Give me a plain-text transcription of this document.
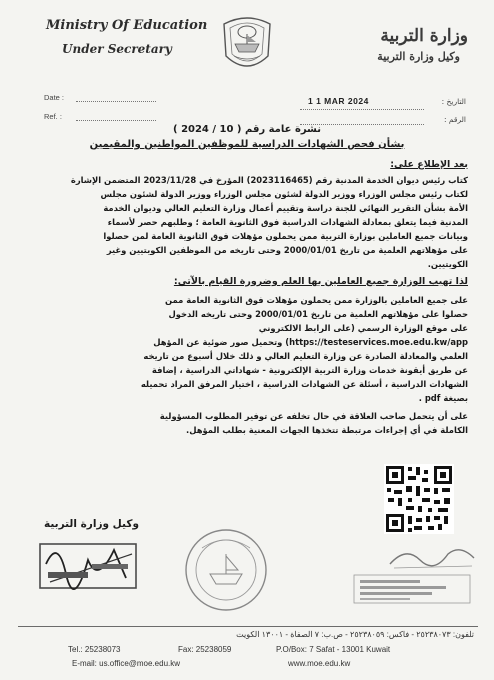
Ministry Of Education
Under Secretary
وزارة التربية
وكيل وزارة التربية
Date :
Ref. :
1 1 MAR 2024	التاريخ :
الرقم :
نشرة عامة رقم ( 10 / 2024 )
بشأن فحص الشهادات الدراسية للموظفين المواطنين والمقيمين
بعد الإطلاع على:
كتاب رئيس ديوان الخدمة المدنية رقم (2023116465) المؤرخ في 2023/11/28 المتضمن الإشارة
لكتاب رئيس مجلس الوزراء ووزير الدولة لشئون مجلس الوزراء ووزير الدولة لشئون مجلس
الأمة بشأن التقرير النهائي للجنة دراسة وتقييم أعمال وزارة التعليم العالي وديوان الخدمة
المدنية فيما يتعلق بمعادلة الشهادات الدراسية فوق الثانوية العامة ؛ وطلبهم حصر لأسماء
وبيانات جميع العاملين بوزارة التربية ممن يحملون مؤهلات فوق الثانوية العامة لمن حصلوا
على مؤهلاتهم العلمية من تاريخ 2000/01/01 وحتى تاريخه من الموظفين الكويتيين وغير
الكويتيين.
لذا تهيب الوزارة جميع العاملين بها العلم وضرورة القيام بالآتي:
على جميع العاملين بالوزارة ممن يحملون مؤهلات فوق الثانوية العامة ممن
حصلوا على مؤهلاتهم العلمية من تاريخ 2000/01/01 وحتى تاريخه الدخول
على موقع الوزارة الرسمي (على الرابط الالكتروني
https://testeservices.moe.edu.kw/app) وتحميل صور ضوئية عن المؤهل
العلمي والمعادلة الصادرة عن وزارة التعليم العالي و ذلك خلال أسبوع من تاريخه
عن طريق أيقونة خدمات وزارة التربية الإلكترونية - شهاداتي الدراسية ، إضافة
الشهادات الدراسية ، أسئلة عن الشهادات الدراسية ، اختيار المرفق المراد تحميله
بصيغة pdf .
على أن يتحمل صاحب العلاقة في حال تخلفه عن توفير المطلوب المسؤولية
الكاملة في أي إجراءات مرتبطة تتخذها الجهات المعنية بطلب المؤهل.
وكيل وزارة التربية
تلفون: ٢٥٢٣٨٠٧٣ - فاكس: ٢٥٢٣٨٠٥٩ - ص.ب: ٧ الصفاة - ١٣٠٠١ الكويت
Tel.: 25238073	Fax: 25238059	P.O/Box: 7 Safat - 13001 Kuwait
E-mail: us.office@moe.edu.kw	www.moe.edu.kw
